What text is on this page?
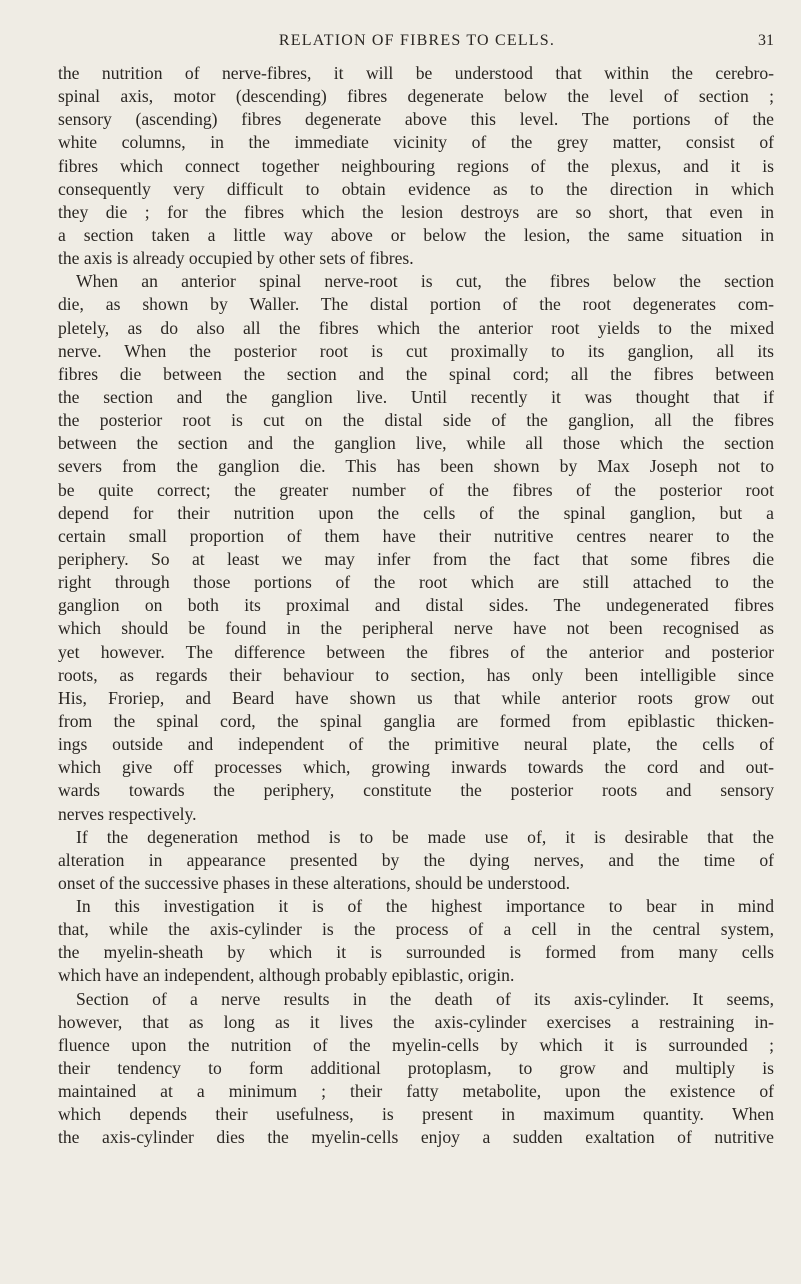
RELATION OF FIBRES TO CELLS.	31
the nutrition of nerve-fibres, it will be understood that within the cerebro-
spinal axis, motor (descending) fibres degenerate below the level of section ;
sensory (ascending) fibres degenerate above this level. The portions of the
white columns, in the immediate vicinity of the grey matter, consist of
fibres which connect together neighbouring regions of the plexus, and it is
consequently very difficult to obtain evidence as to the direction in which
they die ; for the fibres which the lesion destroys are so short, that even in
a section taken a little way above or below the lesion, the same situation in
the axis is already occupied by other sets of fibres.
When an anterior spinal nerve-root is cut, the fibres below the section
die, as shown by Waller. The distal portion of the root degenerates com-
pletely, as do also all the fibres which the anterior root yields to the mixed
nerve. When the posterior root is cut proximally to its ganglion, all its
fibres die between the section and the spinal cord; all the fibres between
the section and the ganglion live. Until recently it was thought that if
the posterior root is cut on the distal side of the ganglion, all the fibres
between the section and the ganglion live, while all those which the section
severs from the ganglion die. This has been shown by Max Joseph not to
be quite correct; the greater number of the fibres of the posterior root
depend for their nutrition upon the cells of the spinal ganglion, but a
certain small proportion of them have their nutritive centres nearer to the
periphery. So at least we may infer from the fact that some fibres die
right through those portions of the root which are still attached to the
ganglion on both its proximal and distal sides. The undegenerated fibres
which should be found in the peripheral nerve have not been recognised as
yet however. The difference between the fibres of the anterior and posterior
roots, as regards their behaviour to section, has only been intelligible since
His, Froriep, and Beard have shown us that while anterior roots grow out
from the spinal cord, the spinal ganglia are formed from epiblastic thicken-
ings outside and independent of the primitive neural plate, the cells of
which give off processes which, growing inwards towards the cord and out-
wards towards the periphery, constitute the posterior roots and sensory
nerves respectively.
If the degeneration method is to be made use of, it is desirable that the
alteration in appearance presented by the dying nerves, and the time of
onset of the successive phases in these alterations, should be understood.
In this investigation it is of the highest importance to bear in mind
that, while the axis-cylinder is the process of a cell in the central system,
the myelin-sheath by which it is surrounded is formed from many cells
which have an independent, although probably epiblastic, origin.
Section of a nerve results in the death of its axis-cylinder. It seems,
however, that as long as it lives the axis-cylinder exercises a restraining in-
fluence upon the nutrition of the myelin-cells by which it is surrounded ;
their tendency to form additional protoplasm, to grow and multiply is
maintained at a minimum ; their fatty metabolite, upon the existence of
which depends their usefulness, is present in maximum quantity. When
the axis-cylinder dies the myelin-cells enjoy a sudden exaltation of nutritive
